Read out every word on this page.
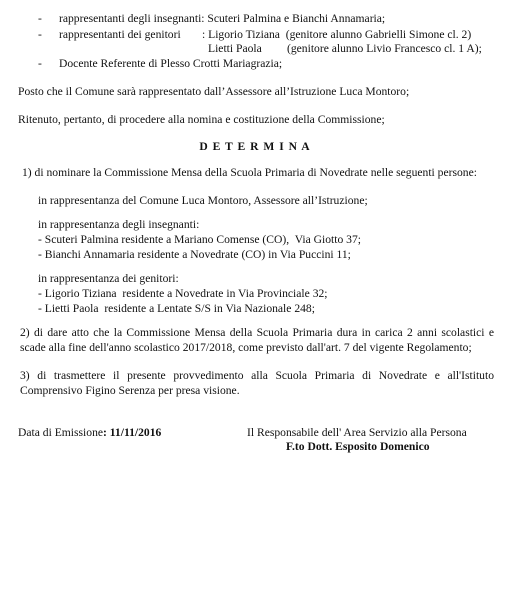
- rappresentanti degli insegnanti: Scuteri Palmina e Bianchi Annamaria;
- rappresentanti dei genitori : Ligorio Tiziana  (genitore alunno Gabrielli Simone cl. 2)
Lietti Paola (genitore alunno Livio Francesco cl. 1 A);
- Docente Referente di Plesso Crotti Mariagrazia;
Posto che il Comune sarà rappresentato dall’Assessore all’Istruzione Luca Montoro;
Ritenuto, pertanto, di procedere alla nomina e costituzione della Commissione;
D E T E R M I N A
1) di nominare la Commissione Mensa della Scuola Primaria di Novedrate nelle seguenti persone:
in rappresentanza del Comune Luca Montoro, Assessore all’Istruzione;
in rappresentanza degli insegnanti:
- Scuteri Palmina residente a Mariano Comense (CO),  Via Giotto 37;
- Bianchi Annamaria residente a Novedrate (CO) in Via Puccini 11;
in rappresentanza dei genitori:
- Ligorio Tiziana  residente a Novedrate in Via Provinciale 32;
- Lietti Paola  residente a Lentate S/S in Via Nazionale 248;
2) di dare atto che la Commissione Mensa della Scuola Primaria dura in carica 2 anni scolastici e
scade alla fine dell'anno scolastico 2017/2018, come previsto dall'art. 7 del vigente Regolamento;
3) di trasmettere il presente provvedimento alla Scuola Primaria di Novedrate e all'Istituto
Comprensivo Figino Serenza per presa visione.
Data di Emissione: 11/11/2016	Il Responsabile dell' Area Servizio alla Persona
F.to Dott. Esposito Domenico
